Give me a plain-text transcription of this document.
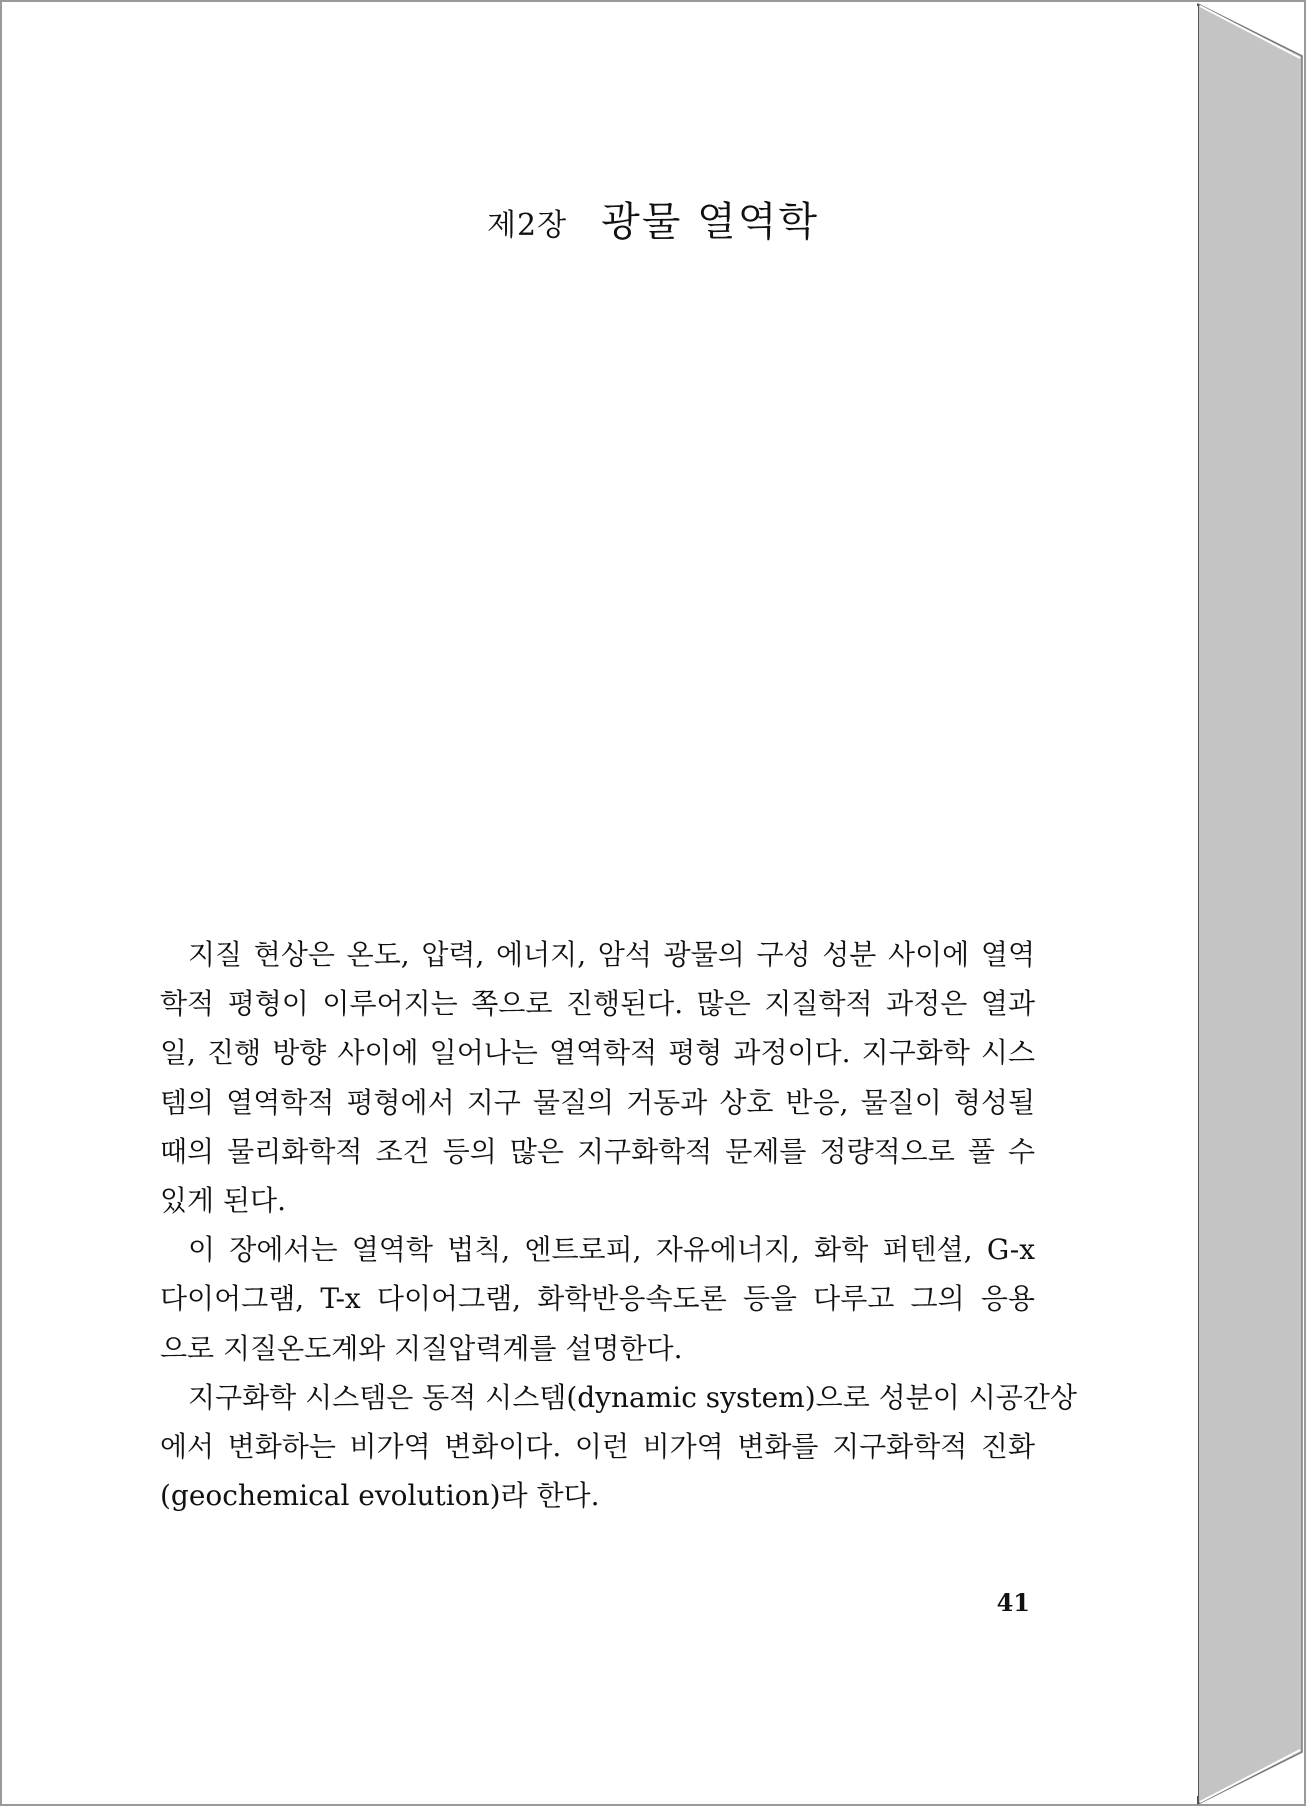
제2장 광물 열역학

지질 현상은 온도, 압력, 에너지, 암석 광물의 구성 성분 사이에 열역
학적 평형이 이루어지는 쪽으로 진행된다. 많은 지질학적 과정은 열과
일, 진행 방향 사이에 일어나는 열역학적 평형 과정이다. 지구화학 시스
템의 열역학적 평형에서 지구 물질의 거동과 상호 반응, 물질이 형성될
때의 물리화학적 조건 등의 많은 지구화학적 문제를 정량적으로 풀 수
있게 된다.

이 장에서는 열역학 법칙, 엔트로피, 자유에너지, 화학 퍼텐셜, G-x
다이어그램, T-x 다이어그램, 화학반응속도론 등을 다루고 그의 응용
으로 지질온도계와 지질압력계를 설명한다.

지구화학 시스템은 동적 시스템(dynamic system)으로 성분이 시공간상
에서 변화하는 비가역 변화이다. 이런 비가역 변화를 지구화학적 진화
(geochemical evolution)라 한다.

41
